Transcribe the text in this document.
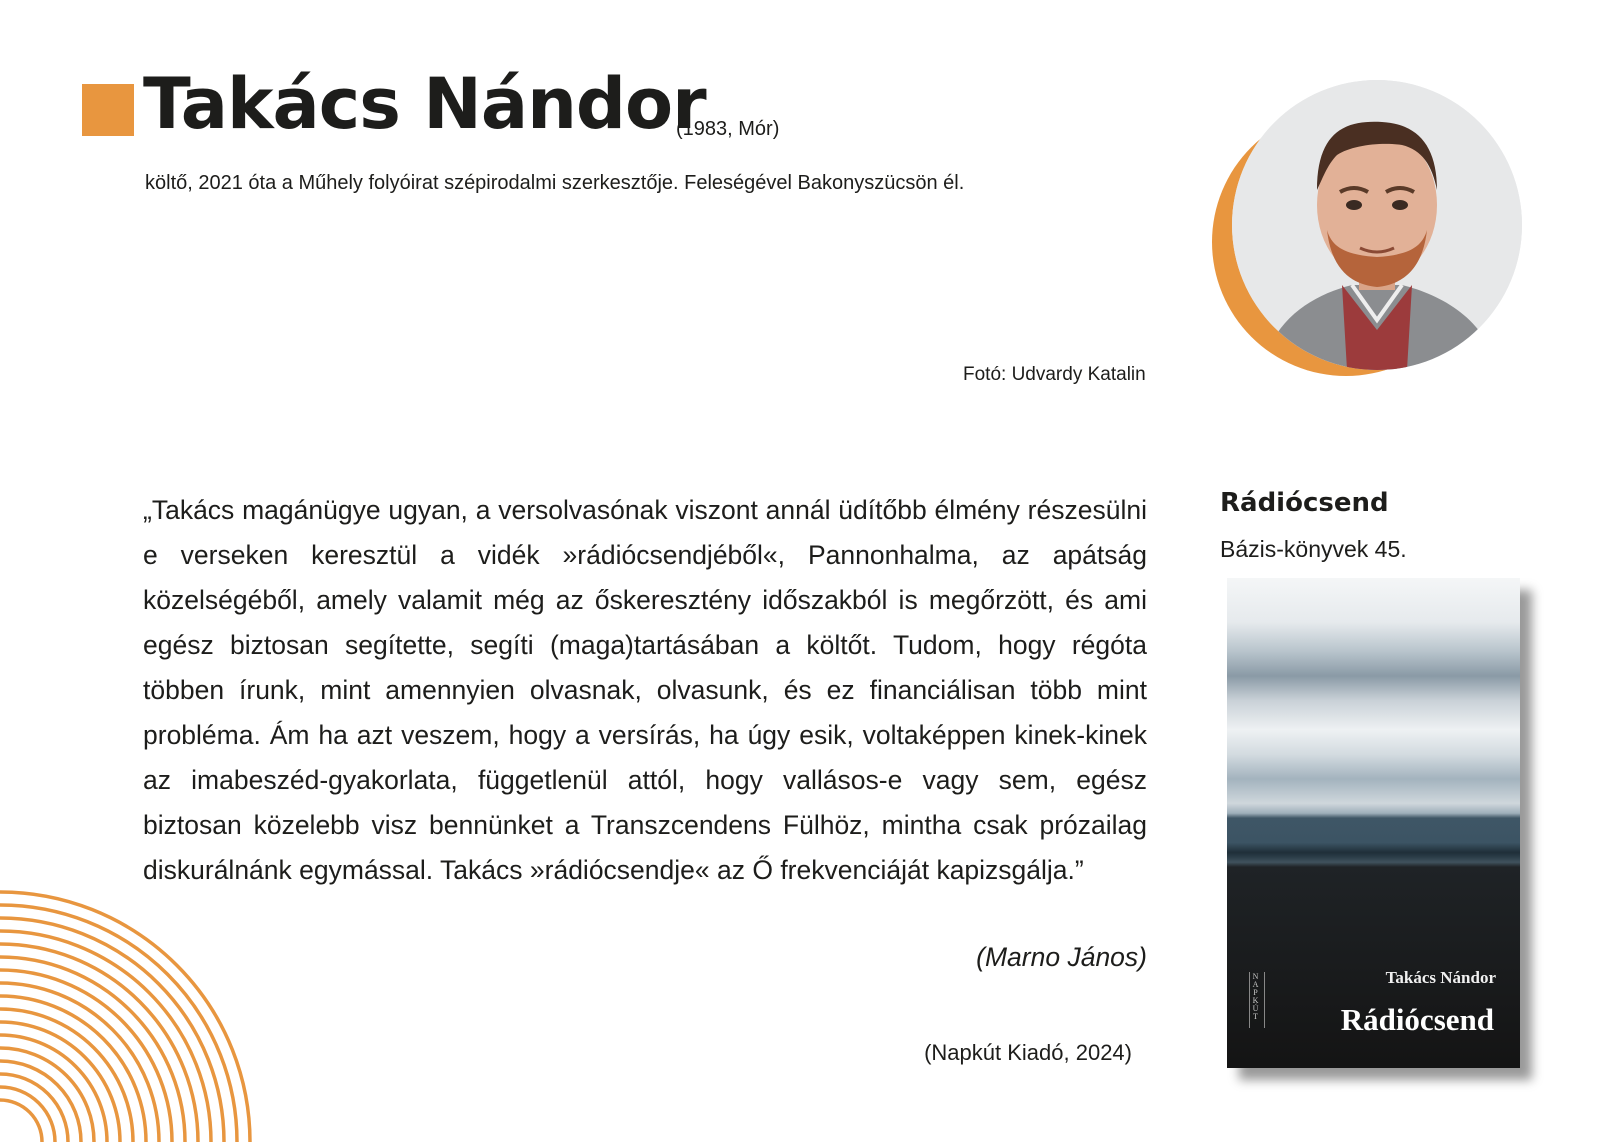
Takács Nándor
(1983, Mór)
költő, 2021 óta a Műhely folyóirat szépirodalmi szerkesztője. Feleségével Bakonyszücsön él.
Fotó: Udvardy Katalin
„Takács magánügye ugyan, a versolvasónak viszont annál üdítőbb élmény részesülni e verseken keresztül a vidék »rádiócsendjéből«, Pannonhalma, az apátság közelségéből, amely valamit még az őskeresztény időszakból is megőrzött, és ami egész biztosan segítette, segíti (maga)tartásában a költőt. Tudom, hogy régóta többen írunk, mint amennyien olvasnak, olvasunk, és ez financiálisan több mint probléma. Ám ha azt veszem, hogy a versírás, ha úgy esik, voltaképpen kinek-kinek az imabeszéd-gyakorlata, függetlenül attól, hogy vallásos-e vagy sem, egész biztosan közelebb visz bennünket a Transzcendens Fülhöz, mintha csak prózailag diskurálnánk egymással. Takács »rádiócsendje« az Ő frekvenciáját kapizsgálja.”
(Marno János)
(Napkút Kiadó, 2024)
Rádiócsend
Bázis-könyvek 45.
NAPKÚT	Takács Nándor
Rádiócsend
